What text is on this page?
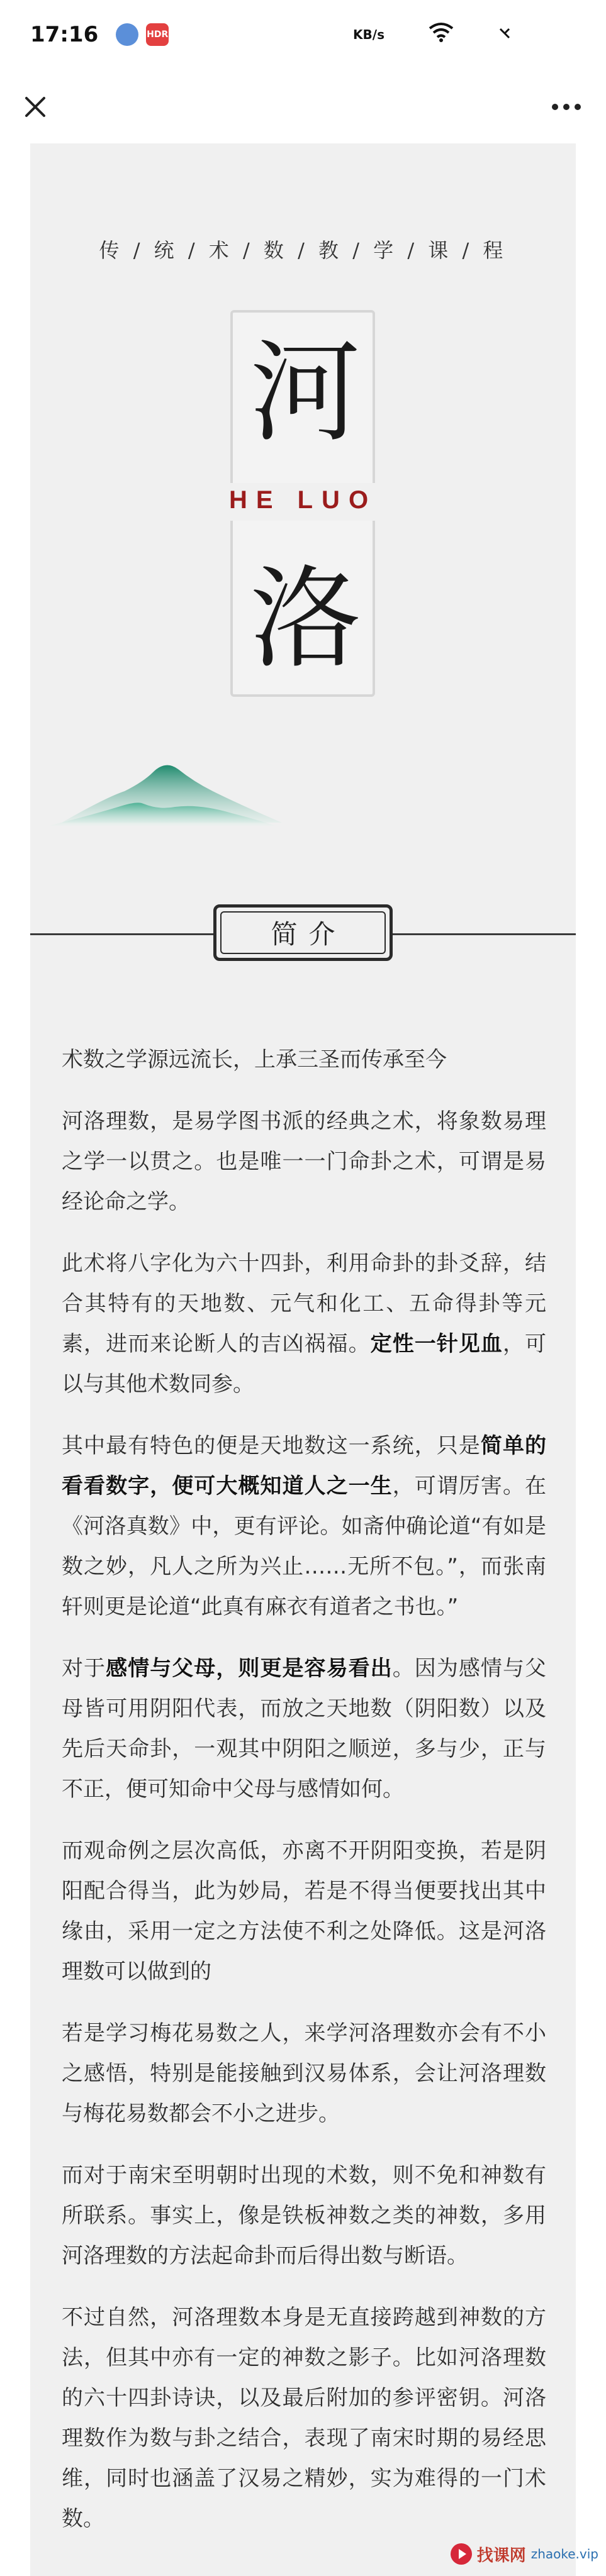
17:16	HDR	KB/s
传 / 统 / 术 / 数 / 教 / 学 / 课 / 程
河
洛
HE LUO
简介

术数之学源远流长，上承三圣而传承至今

河洛理数，是易学图书派的经典之术，将象数易理之学一以贯之。也是唯一一门命卦之术，可谓是易经论命之学。

此术将八字化为六十四卦，利用命卦的卦爻辞，结合其特有的天地数、元气和化工、五命得卦等元素，进而来论断人的吉凶祸福。定性一针见血，可以与其他术数同参。

其中最有特色的便是天地数这一系统，只是简单的看看数字，便可大概知道人之一生，可谓厉害。在《河洛真数》中，更有评论。如斋仲确论道“有如是数之妙，凡人之所为兴止……无所不包。”，而张南轩则更是论道“此真有麻衣有道者之书也。”

对于感情与父母，则更是容易看出。因为感情与父母皆可用阴阳代表，而放之天地数（阴阳数）以及先后天命卦，一观其中阴阳之顺逆，多与少，正与不正，便可知命中父母与感情如何。

而观命例之层次高低，亦离不开阴阳变换，若是阴阳配合得当，此为妙局，若是不得当便要找出其中缘由，采用一定之方法使不利之处降低。这是河洛理数可以做到的

若是学习梅花易数之人，来学河洛理数亦会有不小之感悟，特别是能接触到汉易体系，会让河洛理数与梅花易数都会不小之进步。

而对于南宋至明朝时出现的术数，则不免和神数有所联系。事实上，像是铁板神数之类的神数，多用河洛理数的方法起命卦而后得出数与断语。

不过自然，河洛理数本身是无直接跨越到神数的方法，但其中亦有一定的神数之影子。比如河洛理数的六十四卦诗诀，以及最后附加的参评密钥。河洛理数作为数与卦之结合，表现了南宋时期的易经思维，同时也涵盖了汉易之精妙，实为难得的一门术数。

找课网 zhaoke.vip
